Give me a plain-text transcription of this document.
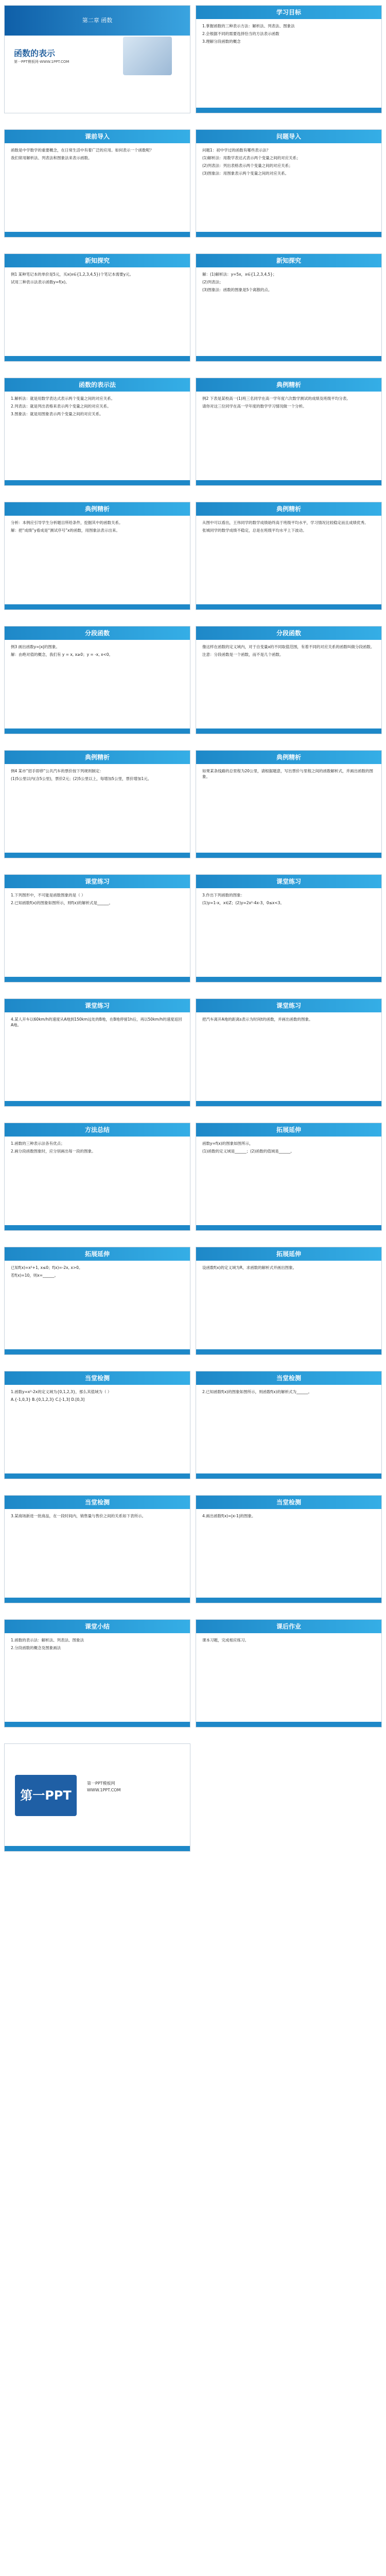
第二章 函数
函数的表示
第一PPT模板网-WWW.1PPT.COM
学习目标

1.掌握函数的三种表示方法：解析法、列表法、图象法

2.会根据不同的需要选择恰当的方法表示函数

3.理解分段函数的概念

课前导入

函数是中学数学的重要概念，在日常生活中有着广泛的应用。如何表示一个函数呢？

我们常用解析法、列表法和图象法来表示函数。

问题导入

问题1：初中学过的函数有哪些表示法？

(1)解析法：用数学表达式表示两个变量之间的对应关系；

(2)列表法：列出表格表示两个变量之间的对应关系；

(3)图象法：用图象表示两个变量之间的对应关系。

新知探究

例1 某种笔记本的单价是5元，买x(x∈{1,2,3,4,5})个笔记本需要y元。

试用三种表示法表示函数y=f(x)。

新知探究

解：(1)解析法：y=5x，x∈{1,2,3,4,5}；

(2)列表法；

(3)图象法：函数的图象是5个离散的点。

函数的表示法

1.解析法：就是用数学表达式表示两个变量之间的对应关系。

2.列表法：就是列出表格来表示两个变量之间的对应关系。

3.图象法：就是用图象表示两个变量之间的对应关系。

典例精析

例2 下表是某校高一(1)班三名同学在高一学年度六次数学测试的成绩及班级平均分表。

请你对这三位同学在高一学年度的数学学习情况做一个分析。

典例精析

分析：本例应引导学生分析题目所给条件，挖掘其中的函数关系。

解：把“成绩”y看成是“测试序号”x的函数，用图象法表示出来。

典例精析

从图中可以看出，王伟同学的数学成绩始终高于班级平均水平，学习情况比较稳定而且成绩优秀。

张城同学的数学成绩不稳定，总是在班级平均水平上下波动。

分段函数

例3 画出函数y=|x|的图象。

解：由绝对值的概念，我们有 y = x, x≥0；y = -x, x<0。

分段函数

像这样在函数的定义域内，对于自变量x的不同取值范围，有着不同的对应关系的函数叫做分段函数。

注意：分段函数是一个函数，而不是几个函数。

典例精析

例4 某市“招手即停”公共汽车的票价按下列规则制定：

(1)5公里以内(含5公里)，票价2元；(2)5公里以上，每增加5公里，票价增加1元。

典例精析

如果某条线路的总里程为20公里，请根据题意，写出票价与里程之间的函数解析式，并画出函数的图象。

课堂练习

1.下列图形中，不可能是函数图象的是（ ）

2.已知函数f(x)的图象如图所示，则f(x)的解析式是______。

课堂练习

3.作出下列函数的图象：

(1)y=1-x，x∈Z；(2)y=2x²-4x-3，0≤x<3。

课堂练习

4.某人开车以60km/h的速度从A地到150km远处的B地，在B地停留1h后，再以50km/h的速度返回A地。

课堂练习

把汽车离开A地的距离s表示为时间t的函数，并画出函数的图象。

方法总结

1.函数的三种表示法各有优点；

2.画分段函数图象时，应分别画出每一段的图象。

拓展延伸

函数y=f(x)的图象如图所示，

(1)函数的定义域是______；(2)函数的值域是______。

拓展延伸

已知f(x)=x²+1, x≤0；f(x)=-2x, x>0。

若f(x)=10，则x=______。

拓展延伸

设函数f(x)的定义域为R，求函数的解析式并画出图象。

当堂检测

1.函数y=x²-2x的定义域为{0,1,2,3}，那么其值域为（ ）

A.{-1,0,3} B.{0,1,2,3} C.[-1,3] D.[0,3]

当堂检测

2.已知函数f(x)的图象如图所示，则函数f(x)的解析式为______。

当堂检测

3.某商场新进一批商品，在一段时间内，销售量与售价之间的关系如下表所示。

当堂检测

4.画出函数f(x)=|x-1|的图象。

课堂小结

1.函数的表示法：解析法、列表法、图象法

2.分段函数的概念及图象画法

课后作业

课本习题，完成相应练习。

第一PPT
第一PPT模板网
WWW.1PPT.COM
